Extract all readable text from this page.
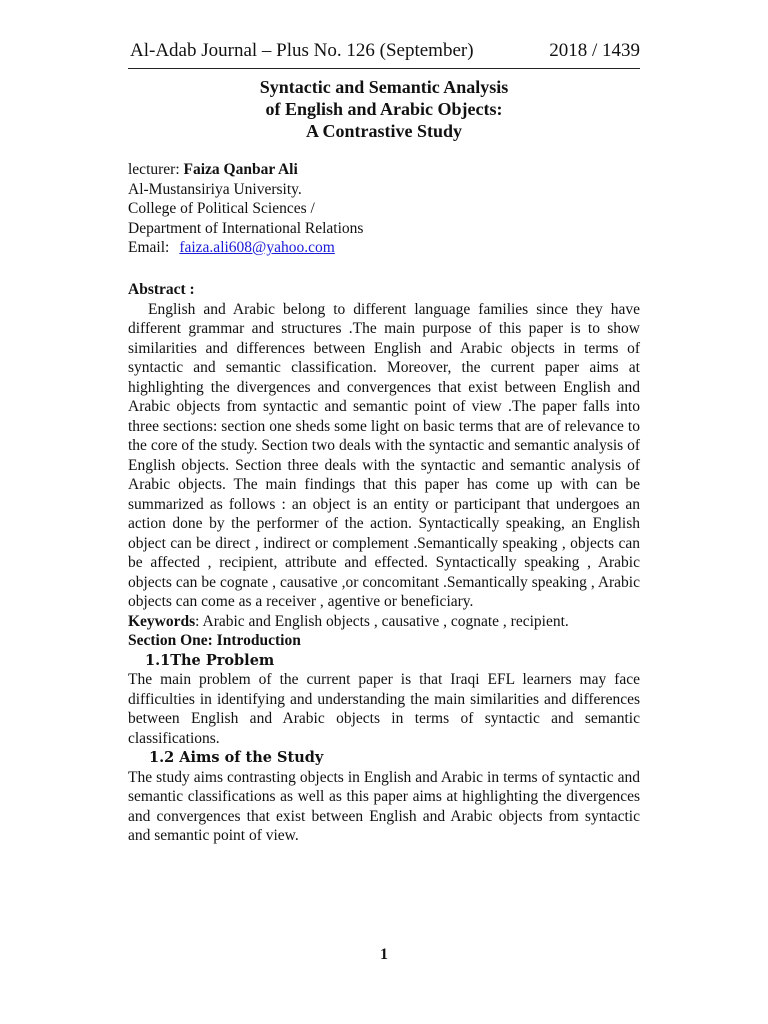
Al-Adab Journal – Plus No. 126 (September)	2018 / 1439
Syntactic and Semantic Analysis
of English and Arabic Objects:
A Contrastive Study
lecturer: Faiza Qanbar Ali
Al-Mustansiriya University.
College of Political Sciences /
Department of International Relations
Email: faiza.ali608@yahoo.com

Abstract :

English and Arabic belong to different language families since they have different grammar and structures .The main purpose of this paper is to show similarities and differences between English and Arabic objects in terms of syntactic and semantic classification. Moreover, the current paper aims at highlighting the divergences and convergences that exist between English and Arabic objects from syntactic and semantic point of view .The paper falls into three sections: section one sheds some light on basic terms that are of relevance to the core of the study. Section two deals with the syntactic and semantic analysis of English objects. Section three deals with the syntactic and semantic analysis of Arabic objects. The main findings that this paper has come up with can be summarized as follows : an object is an entity or participant that undergoes an action done by the performer of the action. Syntactically speaking, an English object can be direct , indirect or complement .Semantically speaking , objects can be affected , recipient, attribute and effected. Syntactically speaking , Arabic objects can be cognate , causative ,or concomitant .Semantically speaking , Arabic objects can come as a receiver , agentive or beneficiary.

Keywords: Arabic and English objects , causative , cognate , recipient.

Section One: Introduction

1.1The Problem

The main problem of the current paper is that Iraqi EFL learners may face difficulties in identifying and understanding the main similarities and differences between English and Arabic objects in terms of syntactic and semantic classifications.

1.2 Aims of the Study

The study aims contrasting objects in English and Arabic in terms of syntactic and semantic classifications as well as this paper aims at highlighting the divergences and convergences that exist between English and Arabic objects from syntactic and semantic point of view.

1
